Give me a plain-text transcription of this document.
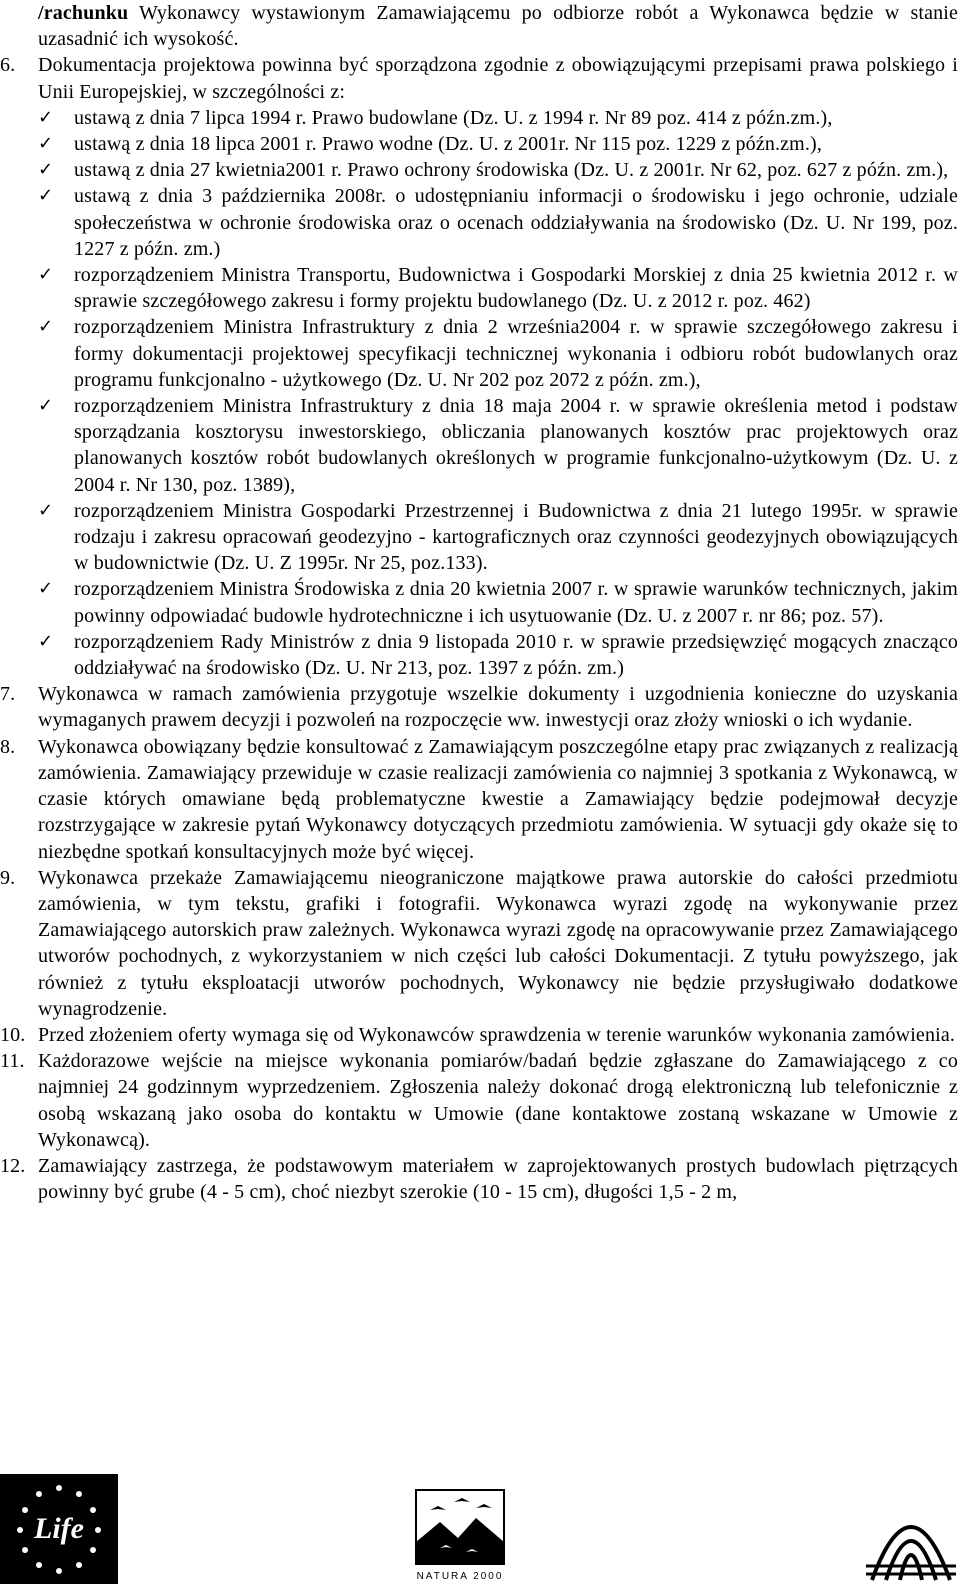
/rachunku Wykonawcy wystawionym Zamawiającemu po odbiorze robót a Wykonawca będzie w stanie uzasadnić ich wysokość.

6.	Dokumentacja projektowa powinna być sporządzona zgodnie z obowiązującymi przepisami prawa polskiego i Unii Europejskiej, w szczególności z:
✓	ustawą z dnia 7 lipca 1994 r. Prawo budowlane (Dz. U. z 1994 r. Nr 89 poz. 414 z późn.zm.),
✓	ustawą z dnia 18 lipca 2001 r. Prawo wodne (Dz. U. z 2001r. Nr 115 poz. 1229 z późn.zm.),
✓	ustawą z dnia 27 kwietnia2001 r. Prawo ochrony środowiska (Dz. U. z 2001r. Nr 62, poz. 627 z późn. zm.),
✓	ustawą z dnia 3 października 2008r. o udostępnianiu informacji o środowisku i jego ochronie, udziale społeczeństwa w ochronie środowiska oraz o ocenach oddziaływania na środowisko (Dz. U. Nr 199, poz. 1227 z późn. zm.)
✓	rozporządzeniem Ministra Transportu, Budownictwa i Gospodarki Morskiej z dnia 25 kwietnia 2012 r. w sprawie szczegółowego zakresu i formy projektu budowlanego (Dz. U. z 2012 r. poz. 462)
✓	rozporządzeniem Ministra Infrastruktury z dnia 2 września2004 r. w sprawie szczegółowego zakresu i formy dokumentacji projektowej specyfikacji technicznej wykonania i odbioru robót budowlanych oraz programu funkcjonalno - użytkowego (Dz. U. Nr 202 poz 2072 z późn. zm.),
✓	rozporządzeniem Ministra Infrastruktury z dnia 18 maja 2004 r. w sprawie określenia metod i podstaw sporządzania kosztorysu inwestorskiego, obliczania planowanych kosztów prac projektowych oraz planowanych kosztów robót budowlanych określonych w programie funkcjonalno-użytkowym (Dz. U. z 2004 r. Nr 130, poz. 1389),
✓	rozporządzeniem Ministra Gospodarki Przestrzennej i Budownictwa z dnia 21 lutego 1995r. w sprawie rodzaju i zakresu opracowań geodezyjno - kartograficznych oraz czynności geodezyjnych obowiązujących w budownictwie (Dz. U. Z 1995r. Nr 25, poz.133).
✓	rozporządzeniem Ministra Środowiska z dnia 20 kwietnia 2007 r. w sprawie warunków technicznych, jakim powinny odpowiadać budowle hydrotechniczne i ich usytuowanie (Dz. U. z 2007 r. nr 86; poz. 57).
✓	rozporządzeniem Rady Ministrów z dnia 9 listopada 2010 r. w sprawie przedsięwzięć mogących znacząco oddziaływać na środowisko (Dz. U. Nr 213, poz. 1397 z późn. zm.)
7.	Wykonawca w ramach zamówienia przygotuje wszelkie dokumenty i uzgodnienia konieczne do uzyskania wymaganych prawem decyzji i pozwoleń na rozpoczęcie ww. inwestycji oraz złoży wnioski o ich wydanie.
8.	Wykonawca obowiązany będzie konsultować z Zamawiającym poszczególne etapy prac związanych z realizacją zamówienia. Zamawiający przewiduje w czasie realizacji zamówienia co najmniej 3 spotkania z Wykonawcą, w czasie których omawiane będą problematyczne kwestie a Zamawiający będzie podejmował decyzje rozstrzygające w zakresie pytań Wykonawcy dotyczących przedmiotu zamówienia. W sytuacji gdy okaże się to niezbędne spotkań konsultacyjnych może być więcej.
9.	Wykonawca przekaże Zamawiającemu nieograniczone majątkowe prawa autorskie do całości przedmiotu zamówienia, w tym tekstu, grafiki i fotografii. Wykonawca wyrazi zgodę na wykonywanie przez Zamawiającego autorskich praw zależnych. Wykonawca wyrazi zgodę na opracowywanie przez Zamawiającego utworów pochodnych, z wykorzystaniem w nich części lub całości Dokumentacji. Z tytułu powyższego, jak również z tytułu eksploatacji utworów pochodnych, Wykonawcy nie będzie przysługiwało dodatkowe wynagrodzenie.
10. Przed złożeniem oferty wymaga się od Wykonawców sprawdzenia w terenie warunków wykonania zamówienia.
11. Każdorazowe wejście na miejsce wykonania pomiarów/badań będzie zgłaszane do Zamawiającego z co najmniej 24 godzinnym wyprzedzeniem. Zgłoszenia należy dokonać drogą elektroniczną lub telefonicznie z osobą wskazaną jako osoba do kontaktu w Umowie (dane kontaktowe zostaną wskazane w Umowie z Wykonawcą).
12. Zamawiający zastrzega, że podstawowym materiałem w zaprojektowanych prostych budowlach piętrzących powinny być grube (4 - 5 cm), choć niezbyt szerokie (10 - 15 cm), długości 1,5 - 2 m,
Life
NATURA 2000
